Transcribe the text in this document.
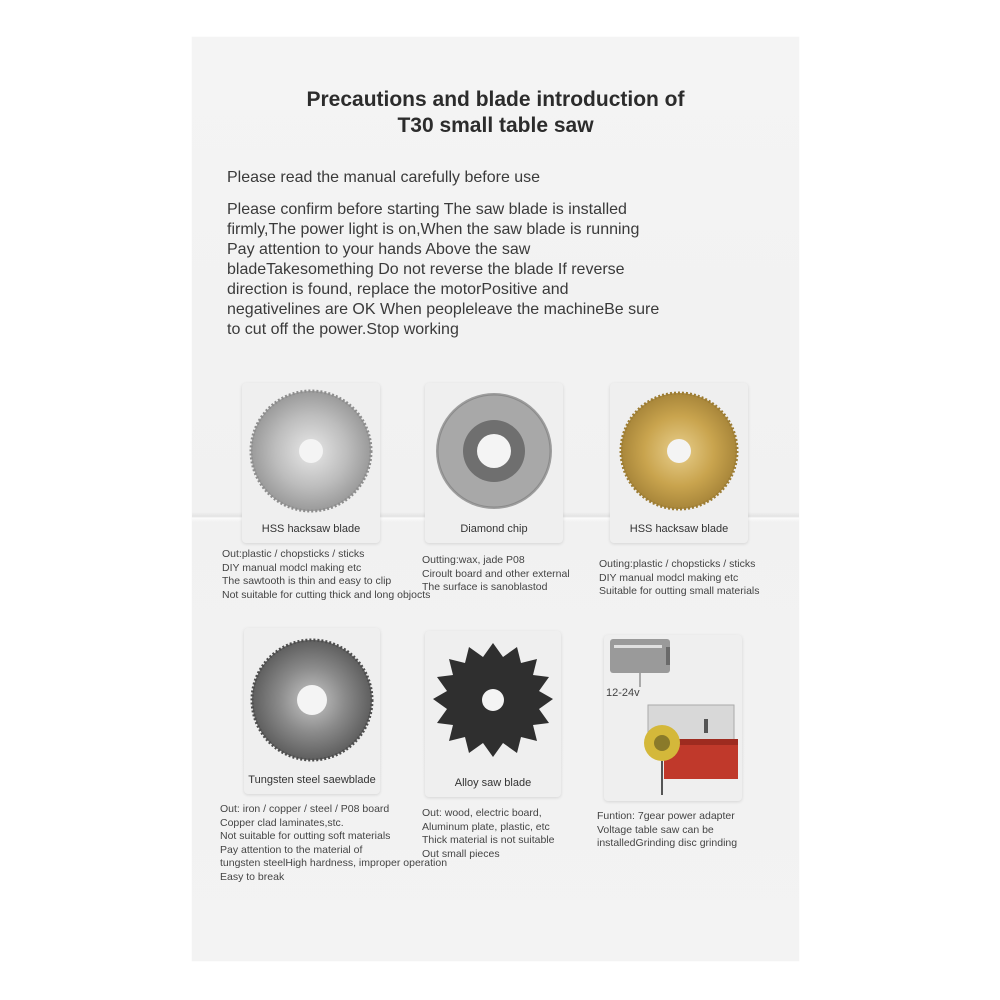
Precautions and blade introduction of
T30 small table saw
Please read the manual carefully before use
Please confirm before starting The saw blade is installed
firmly,The power light is on,When the saw blade is running
Pay attention to your hands Above the saw
bladeTakesomething Do not reverse the blade If reverse
direction is found, replace the motorPositive and
negativelines are OK When peopleleave the machineBe sure
to cut off the power.Stop working
HSS hacksaw blade	Diamond chip	HSS hacksaw blade
Out:plastic / chopsticks / sticks
DIY manual modcl making etc
The sawtooth is thin and easy to clip
Not suitable for cutting thick and long objocts
Outting:wax, jade P08
Ciroult board and other external
The surface is sanoblastod
Outing:plastic / chopsticks / sticks
DIY manual modcl making etc
Suitable for outting small materials
Tungsten steel saewblade	Alloy saw blade
12-24v
Out: iron / copper / steel / P08 board
Copper clad laminates,stc.
Not suitable for outting soft materials
Pay attention to the material of
tungsten steelHigh hardness, improper operation
Easy to break
Out: wood, electric board,
Aluminum plate, plastic, etc
Thick material is not suitable
Out small pieces
Funtion: 7gear power adapter
Voltage table saw can be
installedGrinding disc grinding
